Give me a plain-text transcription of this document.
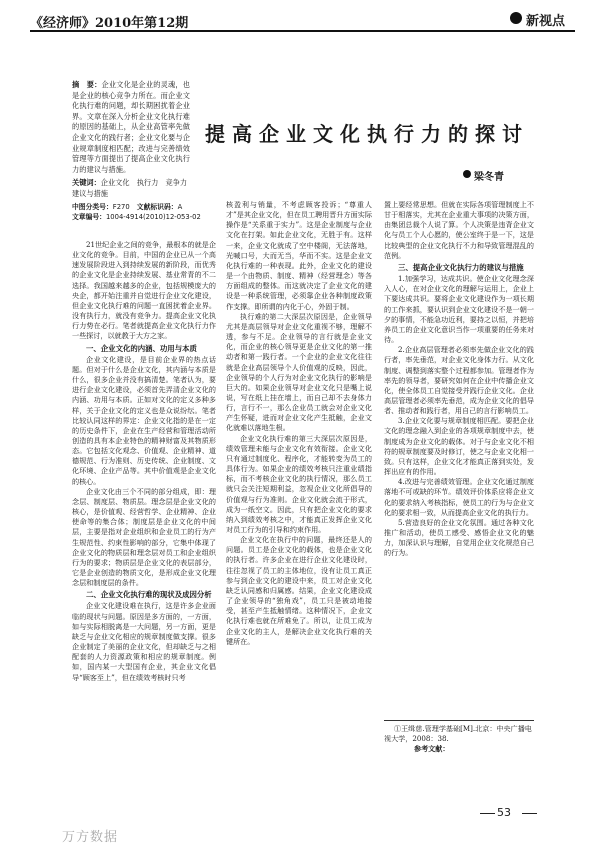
《经济师》2010年第12期	新视点
摘　要：企业文化是企业的灵魂，也是企业的核心竞争力所在。而企业文化执行难的问题，却长期困扰着企业界。文章在深入分析企业文化执行难的原因的基础上，从企业高管率先做企业文化的践行者；企业文化要与企业规章制度相匹配；改进与完善绩效管理等方面提出了提高企业文化执行力的建议与措施。
关键词：企业文化　执行力　竞争力　建议与措施
中图分类号：F270 文献标识码：A
文章编号：1004-4914(2010)12-053-02
提高企业文化执行力的探讨
梁冬青

21世纪企业之间的竞争，最根本的就是企业文化的竞争。目前，中国的企业已从一个高速发展阶段进入到持续发展的新阶段，而优秀的企业文化是企业持续发展、基业常青的不二选择。我国越来越多的企业，包括规模庞大的央企，都开始注重并自觉进行企业文化建设，但企业文化执行难的问题一直困扰着企业界。没有执行力，就没有竞争力。提高企业文化执行力势在必行。笔者就提高企业文化执行力作一些探讨，以就教于大方之家。

一、企业文化的内涵、功用与本质

企业文化建设，是目前企业界的热点话题。但对于什么是企业文化，其内涵与本质是什么，很多企业并没有搞清楚。笔者认为，要进行企业文化建设，必须首先弄清企业文化的内涵、功用与本质。正如对文化的定义多种多样，关于企业文化的定义也是众说纷纭。笔者比较认同这样的界定：企业文化指的是在一定的历史条件下，企业在生产经营和管理活动所创造的具有本企业特色的精神财富及其物质形态。它包括文化观念、价值观、企业精神、道德规范、行为准则、历史传统、企业制度、文化环境、企业产品等。其中价值观是企业文化的核心。

企业文化由三个不同的部分组成，即：理念层、制度层、物质层。理念层是企业文化的核心，是价值观、经营哲学、企业精神、企业使命等的集合体；制度层是企业文化的中间层，主要是指对企业组织和企业员工的行为产生规范性、约束性影响的部分，它集中体现了企业文化的物质层和理念层对员工和企业组织行为的要求；物质层是企业文化的表层部分，它是企业创造的物质文化，是形成企业文化理念层和制度层的条件。

二、企业文化执行难的现状及成因分析

企业文化建设难在执行，这是许多企业面临的现状与问题。原因是多方面的，一方面，如与实际相脱离是一大问题，另一方面，更是缺乏与企业文化相应的规章制度做支撑。很多企业制定了美丽的企业文化，但却缺乏与之相配套的人力资源政策和相应的规章制度。例如，国内某一大型国有企业，其企业文化倡导“顾客至上”，但在绩效考核时只考

核盈利与销量，不考虑顾客投诉；“尊重人才”是其企业文化，但在员工聘用晋升方面实际操作是“关系重于实力”。这是企业制度与企业文化在打架。如此企业文化，无胜于有。这样一来，企业文化就成了空中楼阁，无法落地，光喊口号，大而无当，华而不实。这是企业文化执行难的一种表现。此外，企业文化的建设是一个由物质、制度、精神（经营理念）等各方面组成的整体。而这就决定了企业文化的建设是一种系统管理，必须靠企业各种制度政策作支撑。即所谓的内化于心，外固于制。

执行难的第二大深层次原因是，企业领导尤其是高层领导对企业文化重视不够，理解不透，参与不足。企业领导的言行就是企业文化，而企业的核心领导更是企业文化的第一推动者和第一践行者。一个企业的企业文化往往就是企业高层领导个人价值观的反映，因此，企业领导的个人行为对企业文化执行的影响是巨大的。如果企业领导对企业文化只是嘴上说说，写在纸上挂在墙上，而自己却不去身体力行，言行不一，那么企业员工就会对企业文化产生怀疑，进而对企业文化产生抵触，企业文化就难以落地生根。

企业文化执行难的第三大深层次原因是，绩效管理未能与企业文化有效衔接。企业文化只有通过制度化、程序化，才能转变为员工的具体行为。如果企业的绩效考核只注重业绩指标，而不考核企业文化的执行情况，那么员工就只会关注短期利益，忽视企业文化所倡导的价值观与行为准则。企业文化就会流于形式，成为一纸空文。因此，只有把企业文化的要求纳入到绩效考核之中，才能真正发挥企业文化对员工行为的引导和约束作用。

企业文化在执行中的问题，最终还是人的问题。员工是企业文化的载体，也是企业文化的执行者。许多企业在进行企业文化建设时，往往忽视了员工的主体地位，没有让员工真正参与到企业文化的建设中来，员工对企业文化缺乏认同感和归属感。结果，企业文化建设成了企业领导的“独角戏”，员工只是被动地接受，甚至产生抵触情绪。这种情况下，企业文化执行难也就在所难免了。所以，让员工成为企业文化的主人，是解决企业文化执行难的关键所在。

置上要经常思想。但就在实际各项管理制度上不甘于相落实，尤其在企业重大事项的决策方面，由集团总裁个人说了算。个人决策是违背企业文化与员工个人心愿的，使公室终于是一下，这是比较典型的企业文化执行不力和导致管理混乱的范例。

三、提高企业文化执行力的建议与措施

1.加强学习，达成共识。使企业文化理念深入人心，在对企业文化的理解与运用上，企业上下要达成共识。要将企业文化建设作为一项长期的工作来抓，要认识到企业文化建设不是一朝一夕的事情，不能急功近利，要持之以恒，并把培养员工的企业文化意识当作一项重要的任务来对待。

2.企业高层管理者必须率先做企业文化的践行者，率先垂范，对企业文化身体力行。从文化制度、调整到落实整个过程都参加。管理者作为率先的领导者，要研究如何在企业中传播企业文化，使全体员工自觉接受并践行企业文化。企业高层管理者必须率先垂范，成为企业文化的倡导者、推动者和践行者，用自己的言行影响员工。

3.企业文化要与规章制度相匹配。要把企业文化的理念融入到企业的各项规章制度中去，使制度成为企业文化的载体。对于与企业文化不相符的规章制度要及时修订，使之与企业文化相一致。只有这样，企业文化才能真正落到实处，发挥出应有的作用。

4.改进与完善绩效管理。企业文化通过制度落地不可或缺的环节。绩效评价体系应将企业文化的要求纳入考核指标，使员工的行为与企业文化的要求相一致，从而提高企业文化的执行力。

5.营造良好的企业文化氛围。通过各种文化推广和活动，使员工感受、感悟企业文化的魅力，加深认识与理解，自觉用企业文化规范自己的行为。

①王缉慈.管理学基础[M].北京：中央广播电视大学，2008：38.
参考文献：
53
万方数据
